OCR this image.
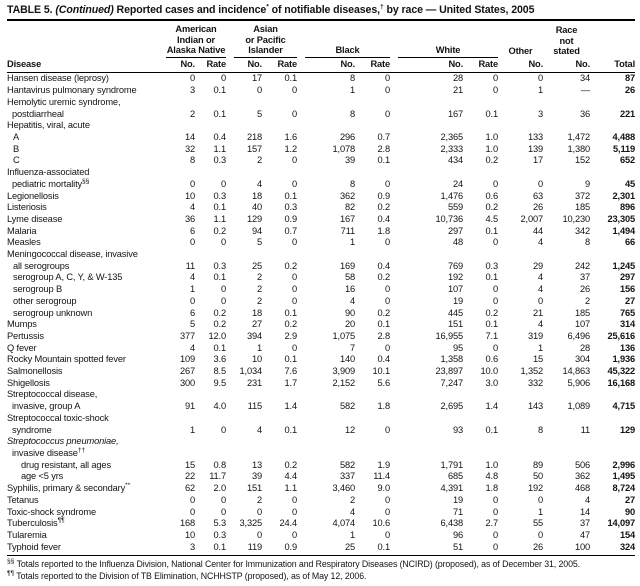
TABLE 5. (Continued) Reported cases and incidence* of notifiable diseases,† by race — United States, 2005
Disease	American
Indian or
Alaska Native		Asian
or Pacific
Islander		Black		White		Other	Race
not
stated	Total
	No.	Rate	No.	Rate	No.	Rate	No.	Rate	No.	No.	

Hansen disease (leprosy)	0	0	17	0.1	8	0	28	0	0	34	87

Hantavirus pulmonary syndrome	3	0.1	0	0	1	0	21	0	1	—	26

Hemolytic uremic syndrome,
postdiarrheal	2	0.1	5	0	8	0	167	0.1	3	36	221

Hepatitis, viral, acute											

A	14	0.4	218	1.6	296	0.7	2,365	1.0	133	1,472	4,488

B	32	1.1	157	1.2	1,078	2.8	2,333	1.0	139	1,380	5,119

C	8	0.3	2	0	39	0.1	434	0.2	17	152	652

Influenza-associated
pediatric mortality§§	0	0	4	0	8	0	24	0	0	9	45

Legionellosis	10	0.3	18	0.1	362	0.9	1,476	0.6	63	372	2,301

Listeriosis	4	0.1	40	0.3	82	0.2	559	0.2	26	185	896

Lyme disease	36	1.1	129	0.9	167	0.4	10,736	4.5	2,007	10,230	23,305

Malaria	6	0.2	94	0.7	711	1.8	297	0.1	44	342	1,494

Measles	0	0	5	0	1	0	48	0	4	8	66

Meningococcal disease, invasive											

all serogroups	11	0.3	25	0.2	169	0.4	769	0.3	29	242	1,245

serogroup A, C, Y, & W-135	4	0.1	2	0	58	0.2	192	0.1	4	37	297

serogroup B	1	0	2	0	16	0	107	0	4	26	156

other serogroup	0	0	2	0	4	0	19	0	0	2	27

serogroup unknown	6	0.2	18	0.1	90	0.2	445	0.2	21	185	765

Mumps	5	0.2	27	0.2	20	0.1	151	0.1	4	107	314

Pertussis	377	12.0	394	2.9	1,075	2.8	16,955	7.1	319	6,496	25,616

Q fever	4	0.1	1	0	7	0	95	0	1	28	136

Rocky Mountain spotted fever	109	3.6	10	0.1	140	0.4	1,358	0.6	15	304	1,936

Salmonellosis	267	8.5	1,034	7.6	3,909	10.1	23,897	10.0	1,352	14,863	45,322

Shigellosis	300	9.5	231	1.7	2,152	5.6	7,247	3.0	332	5,906	16,168

Streptococcal disease,
invasive, group A	91	4.0	115	1.4	582	1.8	2,695	1.4	143	1,089	4,715

Streptococcal toxic-shock
syndrome	1	0	4	0.1	12	0	93	0.1	8	11	129

Streptococcus pneumoniae,
invasive disease††

drug resistant, all ages	15	0.8	13	0.2	582	1.9	1,791	1.0	89	506	2,996

age <5 yrs	22	11.7	39	4.4	337	11.4	685	4.8	50	362	1,495

Syphilis, primary & secondary**	62	2.0	151	1.1	3,460	9.0	4,391	1.8	192	468	8,724

Tetanus	0	0	2	0	2	0	19	0	0	4	27

Toxic-shock syndrome	0	0	0	0	4	0	71	0	1	14	90

Tuberculosis¶¶	168	5.3	3,325	24.4	4,074	10.6	6,438	2.7	55	37	14,097

Tularemia	10	0.3	0	0	1	0	96	0	0	47	154

Typhoid fever	3	0.1	119	0.9	25	0.1	51	0	26	100	324
§§ Totals reported to the Influenza Division, National Center for Immunization and Respiratory Diseases (NCIRD) (proposed), as of December 31, 2005.
¶¶ Totals reported to the Division of TB Elimination, NCHHSTP (proposed), as of May 12, 2006.
